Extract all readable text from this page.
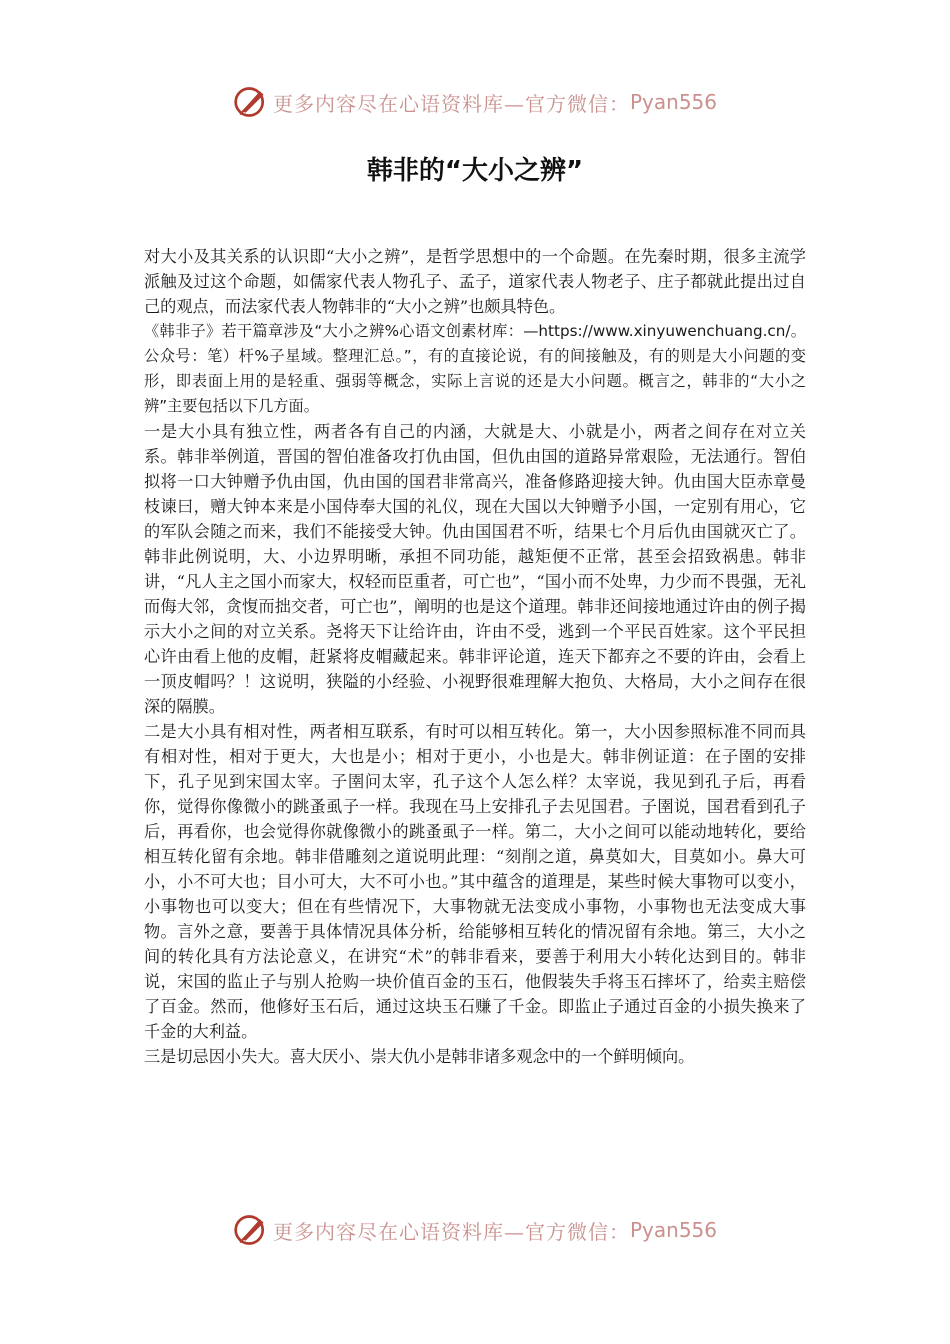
更多内容尽在心语资料库—官方微信： Pyan556
韩非的“大小之辨”

对大小及其关系的认识即“大小之辨”，是哲学思想中的一个命题。在先秦时期，很多主流学派触及过这个命题，如儒家代表人物孔子、孟子，道家代表人物老子、庄子都就此提出过自己的观点，而法家代表人物韩非的“大小之辨”也颇具特色。

《韩非子》若干篇章涉及“大小之辨%心语文创素材库：—https://www.xinyuwenchuang.cn/。公众号：笔）杆%子星域。整理汇总。”，有的直接论说，有的间接触及，有的则是大小问题的变形，即表面上用的是轻重、强弱等概念，实际上言说的还是大小问题。概言之，韩非的“大小之辨”主要包括以下几方面。

一是大小具有独立性，两者各有自己的内涵，大就是大、小就是小，两者之间存在对立关系。韩非举例道，晋国的智伯准备攻打仇由国，但仇由国的道路异常艰险，无法通行。智伯拟将一口大钟赠予仇由国，仇由国的国君非常高兴，准备修路迎接大钟。仇由国大臣赤章曼枝谏曰，赠大钟本来是小国侍奉大国的礼仪，现在大国以大钟赠予小国，一定别有用心，它的军队会随之而来，我们不能接受大钟。仇由国国君不听，结果七个月后仇由国就灭亡了。韩非此例说明，大、小边界明晰，承担不同功能，越矩便不正常，甚至会招致祸患。韩非讲，“凡人主之国小而家大，权轻而臣重者，可亡也”，“国小而不处卑，力少而不畏强，无礼而侮大邻，贪愎而拙交者，可亡也”，阐明的也是这个道理。韩非还间接地通过许由的例子揭示大小之间的对立关系。尧将天下让给许由，许由不受，逃到一个平民百姓家。这个平民担心许由看上他的皮帽，赶紧将皮帽藏起来。韩非评论道，连天下都弃之不要的许由，会看上一顶皮帽吗？！这说明，狭隘的小经验、小视野很难理解大抱负、大格局，大小之间存在很深的隔膜。

二是大小具有相对性，两者相互联系，有时可以相互转化。第一，大小因参照标准不同而具有相对性，相对于更大，大也是小；相对于更小，小也是大。韩非例证道：在子圉的安排下，孔子见到宋国太宰。子圉问太宰，孔子这个人怎么样？太宰说，我见到孔子后，再看你，觉得你像微小的跳蚤虱子一样。我现在马上安排孔子去见国君。子圉说，国君看到孔子后，再看你，也会觉得你就像微小的跳蚤虱子一样。第二，大小之间可以能动地转化，要给相互转化留有余地。韩非借雕刻之道说明此理：“刻削之道，鼻莫如大，目莫如小。鼻大可小，小不可大也；目小可大，大不可小也。”其中蕴含的道理是，某些时候大事物可以变小，小事物也可以变大；但在有些情况下，大事物就无法变成小事物，小事物也无法变成大事物。言外之意，要善于具体情况具体分析，给能够相互转化的情况留有余地。第三，大小之间的转化具有方法论意义，在讲究“术”的韩非看来，要善于利用大小转化达到目的。韩非说，宋国的监止子与别人抢购一块价值百金的玉石，他假装失手将玉石摔坏了，给卖主赔偿了百金。然而，他修好玉石后，通过这块玉石赚了千金。即监止子通过百金的小损失换来了千金的大利益。

三是切忌因小失大。喜大厌小、崇大仇小是韩非诸多观念中的一个鲜明倾向。

更多内容尽在心语资料库—官方微信： Pyan556
